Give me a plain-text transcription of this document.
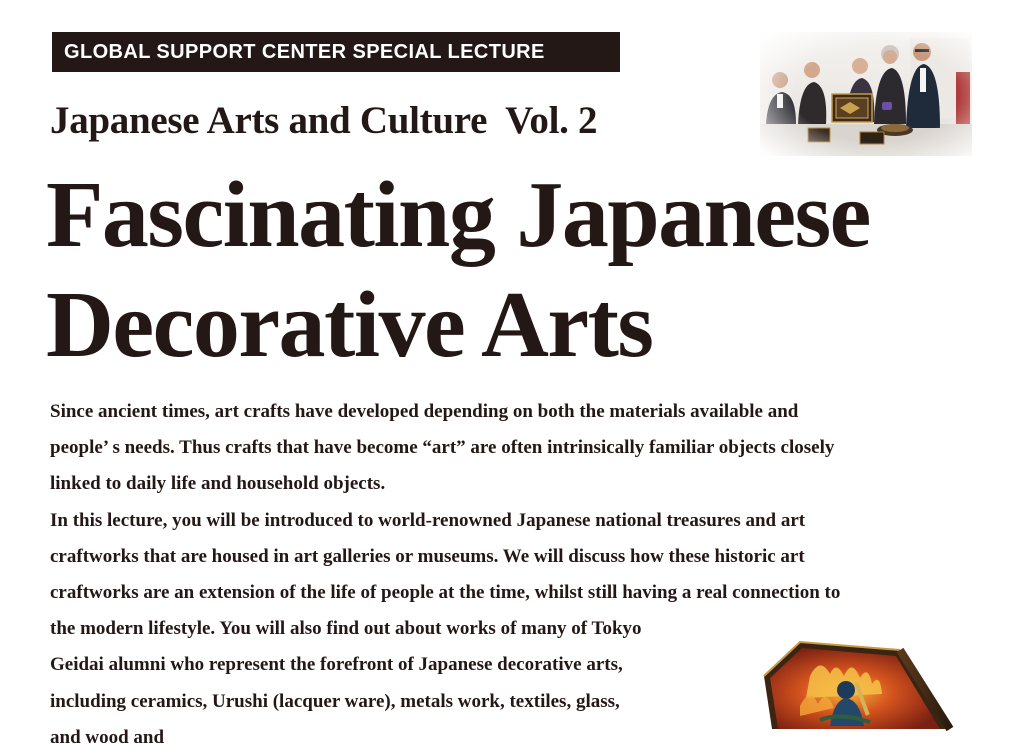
GLOBAL SUPPORT CENTER SPECIAL LECTURE
Japanese Arts and Culture Vol. 2
Fascinating Japanese
Decorative Arts

Since ancient times, art crafts have developed depending on both the materials available and
people’ s needs. Thus crafts that have become “art” are often intrinsically familiar objects closely
linked to daily life and household objects.

In this lecture, you will be introduced to world-renowned Japanese national treasures and art
craftworks that are housed in art galleries or museums. We will discuss how these historic art
craftworks are an extension of the life of people at the time, whilst still having a real connection to
the modern lifestyle. You will also find out about works of many of Tokyo
Geidai alumni who represent the forefront of Japanese decorative arts,
including ceramics, Urushi (lacquer ware), metals work, textiles, glass,
and wood and
